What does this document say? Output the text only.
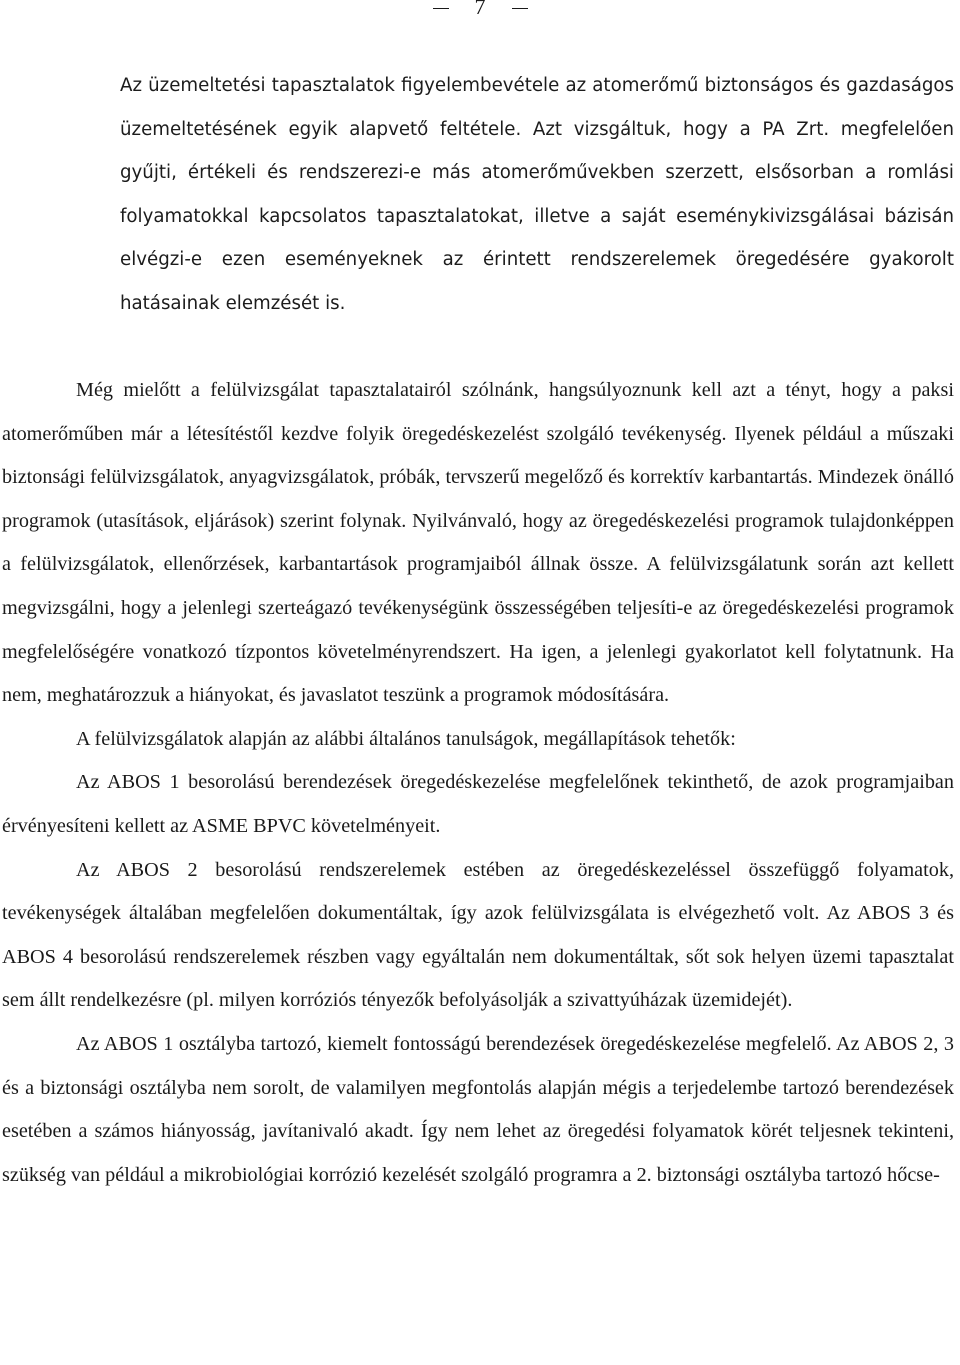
7

Az üzemeltetési tapasztalatok figyelembevétele az atomerőmű biztonságos és gazdaságos üzemeltetésének egyik alapvető feltétele. Azt vizsgáltuk, hogy a PA Zrt. megfelelően gyűjti, értékeli és rendszerezi-e más atomerőművekben szerzett, elsősorban a romlási folyamatokkal kapcsolatos tapasztalatokat, illetve a saját eseménykivizsgálásai bázisán elvégzi-e ezen eseményeknek az érintett rendszerelemek öregedésére gyakorolt hatásainak elemzését is.

Még mielőtt a felülvizsgálat tapasztalatairól szólnánk, hangsúlyoznunk kell azt a tényt, hogy a paksi atomerőműben már a létesítéstől kezdve folyik öregedéskezelést szolgáló tevékenység. Ilyenek például a műszaki biztonsági felülvizsgálatok, anyagvizsgálatok, próbák, tervszerű megelőző és korrektív karbantartás. Mindezek önálló programok (utasítások, eljárások) szerint folynak. Nyilvánvaló, hogy az öregedéskezelési programok tulajdonképpen a felülvizsgálatok, ellenőrzések, karbantartások programjaiból állnak össze. A felülvizsgálatunk során azt kellett megvizsgálni, hogy a jelenlegi szerteágazó tevékenységünk összességében teljesíti-e az öregedéskezelési programok megfelelőségére vonatkozó tízpontos követelményrendszert. Ha igen, a jelenlegi gyakorlatot kell folytatnunk. Ha nem, meghatározzuk a hiányokat, és javaslatot teszünk a programok módosítására.

A felülvizsgálatok alapján az alábbi általános tanulságok, megállapítások tehetők:

Az ABOS 1 besorolású berendezések öregedéskezelése megfelelőnek tekinthető, de azok programjaiban érvényesíteni kellett az ASME BPVC követelményeit.

Az ABOS 2 besorolású rendszerelemek estében az öregedéskezeléssel összefüggő folyamatok, tevékenységek általában megfelelően dokumentáltak, így azok felülvizsgálata is elvégezhető volt. Az ABOS 3 és ABOS 4 besorolású rendszerelemek részben vagy egyáltalán nem dokumentáltak, sőt sok helyen üzemi tapasztalat sem állt rendelkezésre (pl. milyen korróziós tényezők befolyásolják a szivattyúházak üzemidejét).

Az ABOS 1 osztályba tartozó, kiemelt fontosságú berendezések öregedéskezelése megfelelő. Az ABOS 2, 3 és a biztonsági osztályba nem sorolt, de valamilyen megfontolás alapján mégis a terjedelembe tartozó berendezések esetében a számos hiányosság, javítanivaló akadt. Így nem lehet az öregedési folyamatok körét teljesnek tekinteni, szükség van például a mikrobiológiai korrózió kezelését szolgáló programra a 2. biztonsági osztályba tartozó hőcse-
